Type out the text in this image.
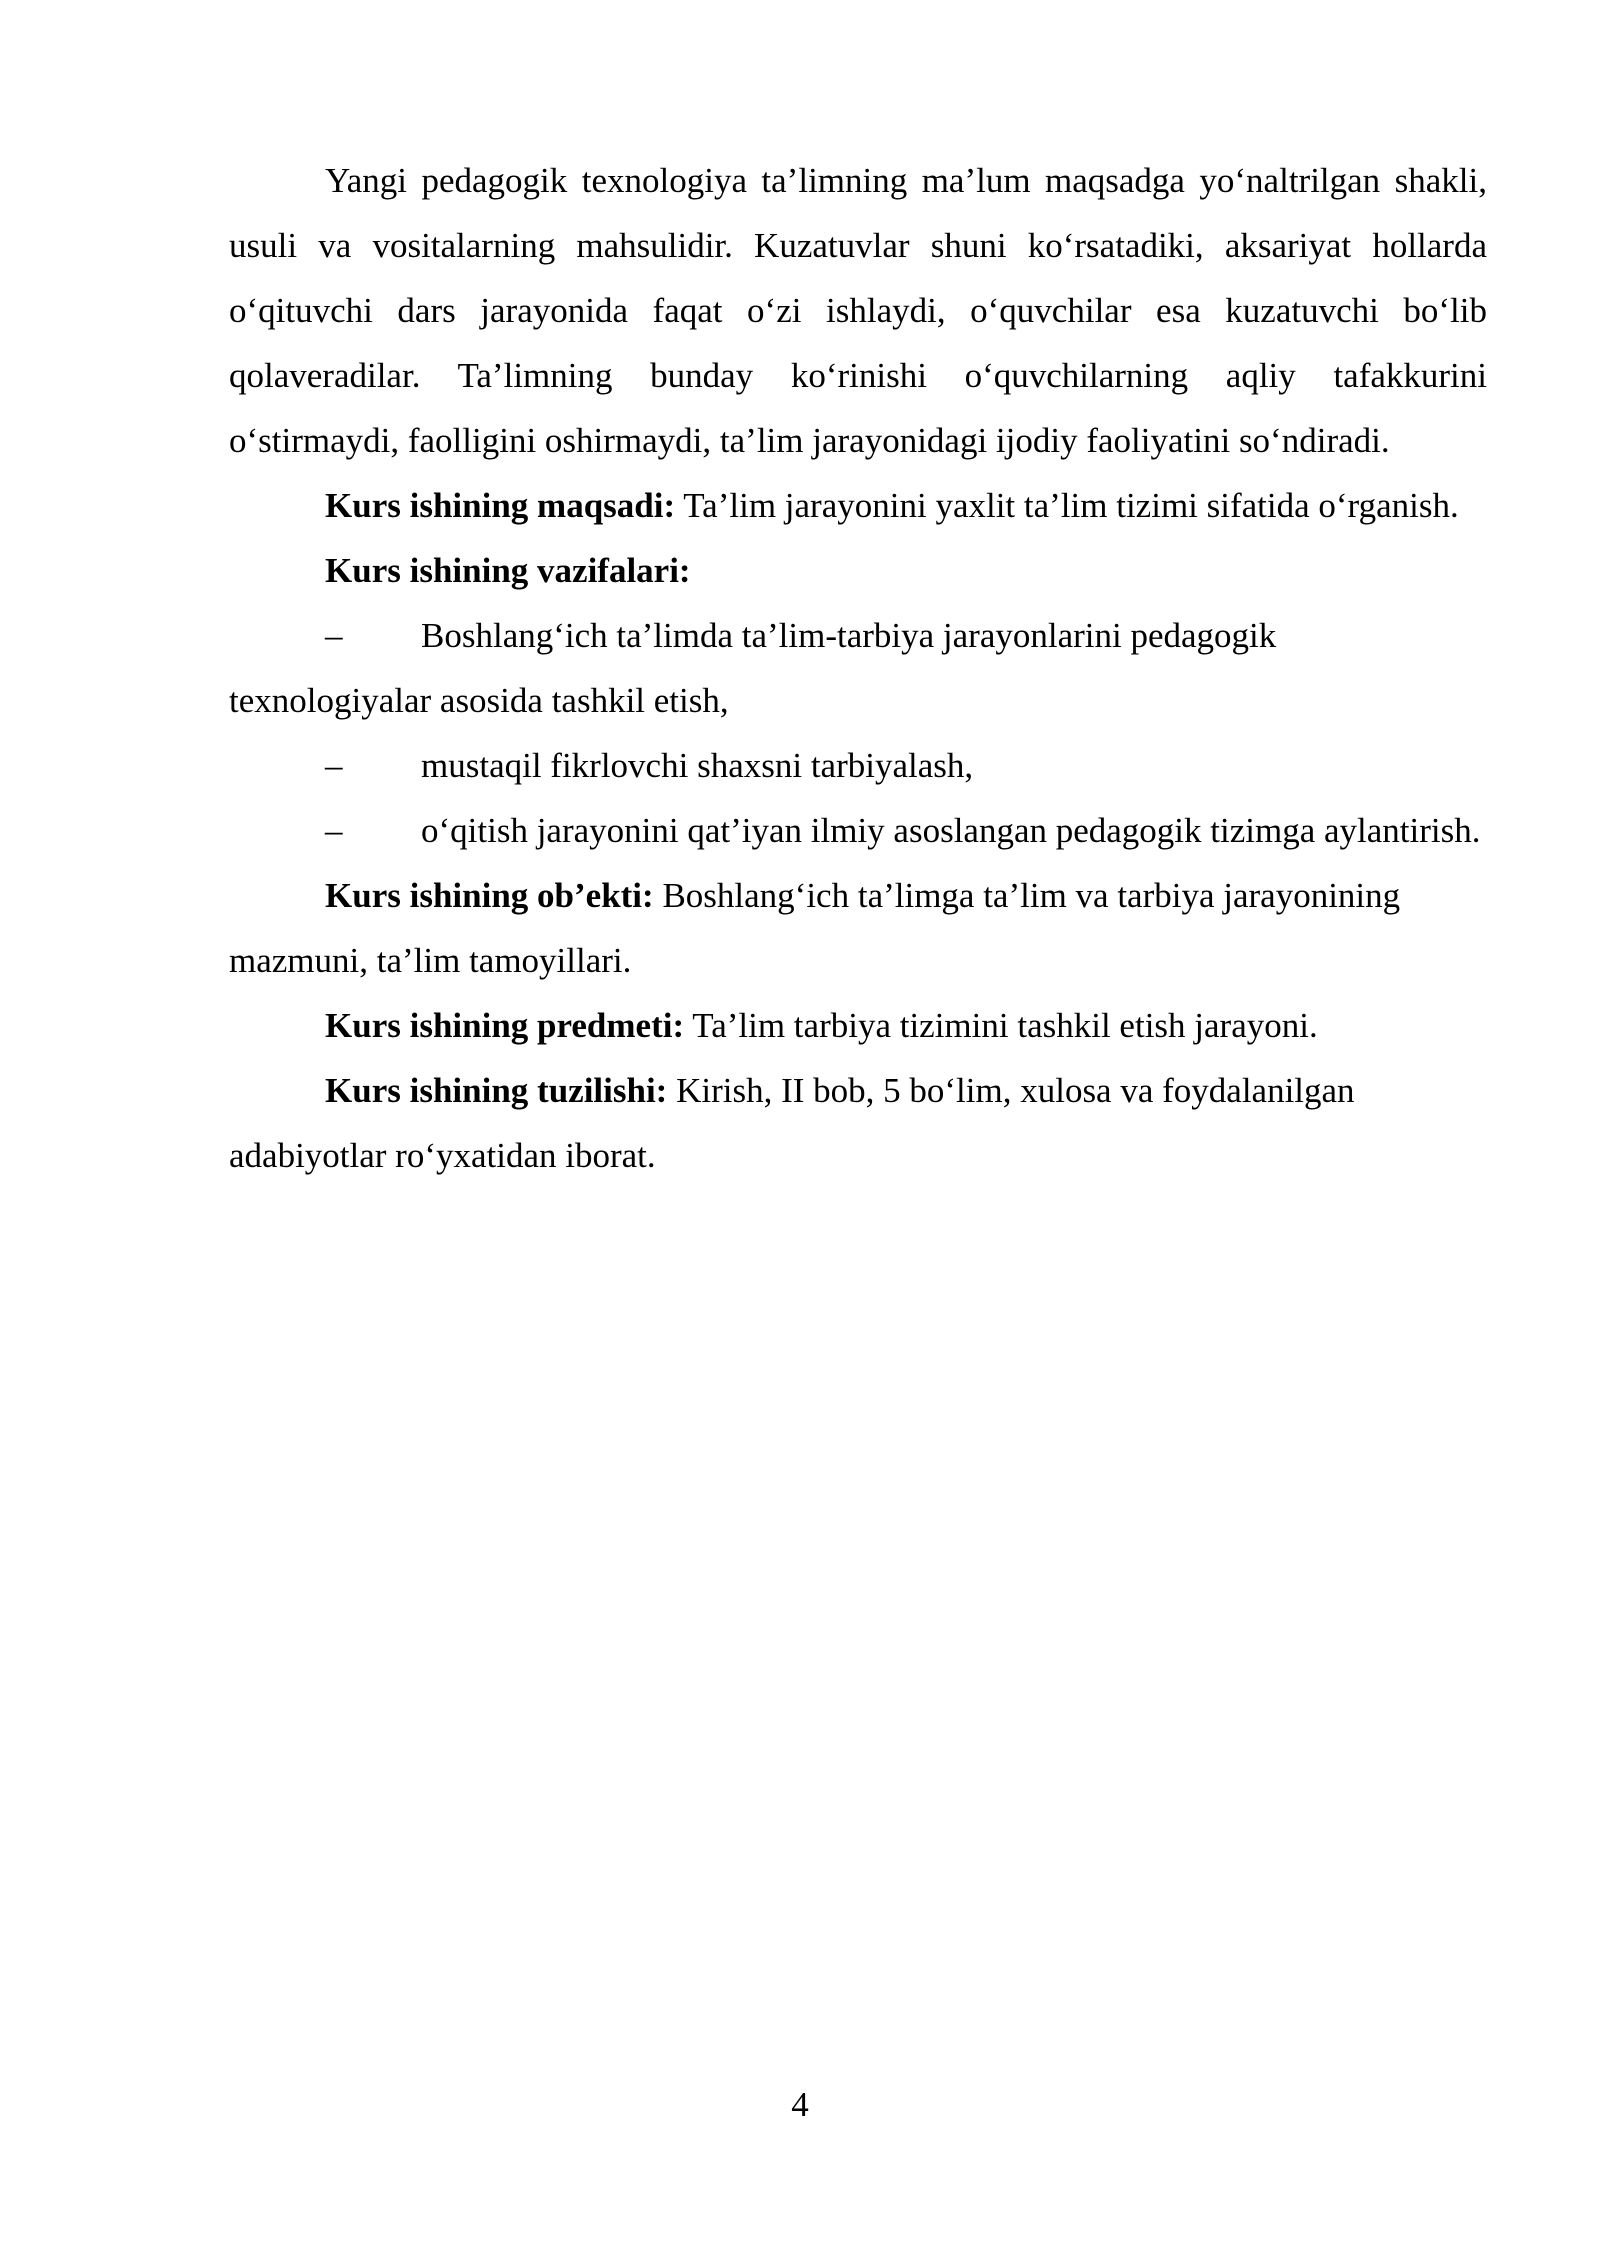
Yangi pedagogik texnologiya ta’limning ma’lum maqsadga yo‘naltrilgan shakli, usuli va vositalarning mahsulidir. Kuzatuvlar shuni ko‘rsatadiki, aksariyat hollarda o‘qituvchi dars jarayonida faqat o‘zi ishlaydi, o‘quvchilar esa kuzatuvchi bo‘lib qolaveradilar. Ta’limning bunday ko‘rinishi o‘quvchilarning aqliy tafakkurini o‘stirmaydi, faolligini oshirmaydi, ta’lim jarayonidagi ijodiy faoliyatini so‘ndiradi.

Kurs ishining maqsadi: Ta’lim jarayonini yaxlit ta’lim tizimi sifatida o‘rganish.

Kurs ishining vazifalari:

– Boshlang‘ich ta’limda ta’lim-tarbiya jarayonlarini pedagogik texnologiyalar asosida tashkil etish,

– mustaqil fikrlovchi shaxsni tarbiyalash,

– o‘qitish jarayonini qat’iyan ilmiy asoslangan pedagogik tizimga aylantirish.

Kurs ishining ob’ekti: Boshlang‘ich ta’limga ta’lim va tarbiya jarayonining mazmuni, ta’lim tamoyillari.

Kurs ishining predmeti: Ta’lim tarbiya tizimini tashkil etish jarayoni.

Kurs ishining tuzilishi: Kirish, II bob, 5 bo‘lim, xulosa va foydalanilgan adabiyotlar ro‘yxatidan iborat.

4
